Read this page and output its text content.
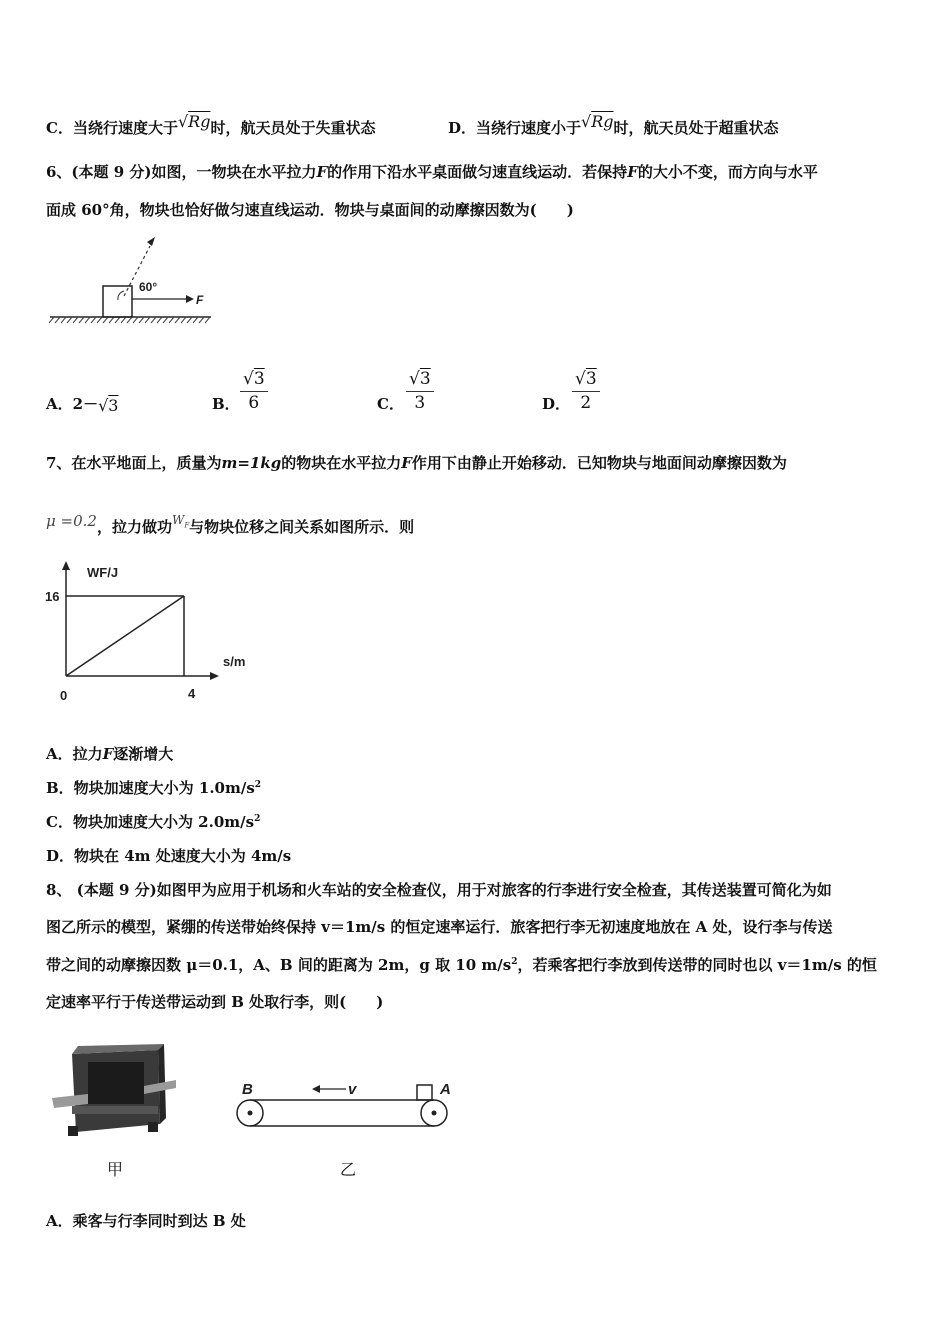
C．当绕行速度大于√Rg时，航天员处于失重状态	D．当绕行速度小于√Rg时，航天员处于超重状态
6、(本题 9 分)如图，一物块在水平拉力F的作用下沿水平桌面做匀速直线运动．若保持F的大小不变，而方向与水平
面成 60°角，物块也恰好做匀速直线运动．物块与桌面间的动摩擦因数为(　　)
60°
F
A．2－√3	B． $\frac{√3}{6}$	C． $\frac{√3}{3}$	D． $\frac{√3}{2}$
7、在水平地面上，质量为m=1kg的物块在水平拉力F作用下由静止开始移动．已知物块与地面间动摩擦因数为
μ =0.2，拉力做功$^{W_F}$与物块位移之间关系如图所示．则
WF/J
s/m
0	4
16
A．拉力F逐渐增大
B．物块加速度大小为 $1.0m/s^2$
C．物块加速度大小为 $2.0m/s^2$
D．物块在 4m 处速度大小为 4m/s
8、 (本题 9 分)如图甲为应用于机场和火车站的安全检查仪，用于对旅客的行李进行安全检查，其传送装置可简化为如
图乙所示的模型，紧绷的传送带始终保持 v＝1m/s 的恒定速率运行．旅客把行李无初速度地放在 A 处，设行李与传送
带之间的动摩擦因数 μ＝0.1，A、B 间的距离为 2m，g 取 10 $m/s^2$，若乘客把行李放到传送带的同时也以 v＝1m/s 的恒
定速率平行于传送带运动到 B 处取行李，则(　　)
甲
B	v	A
乙
A．乘客与行李同时到达 B 处
